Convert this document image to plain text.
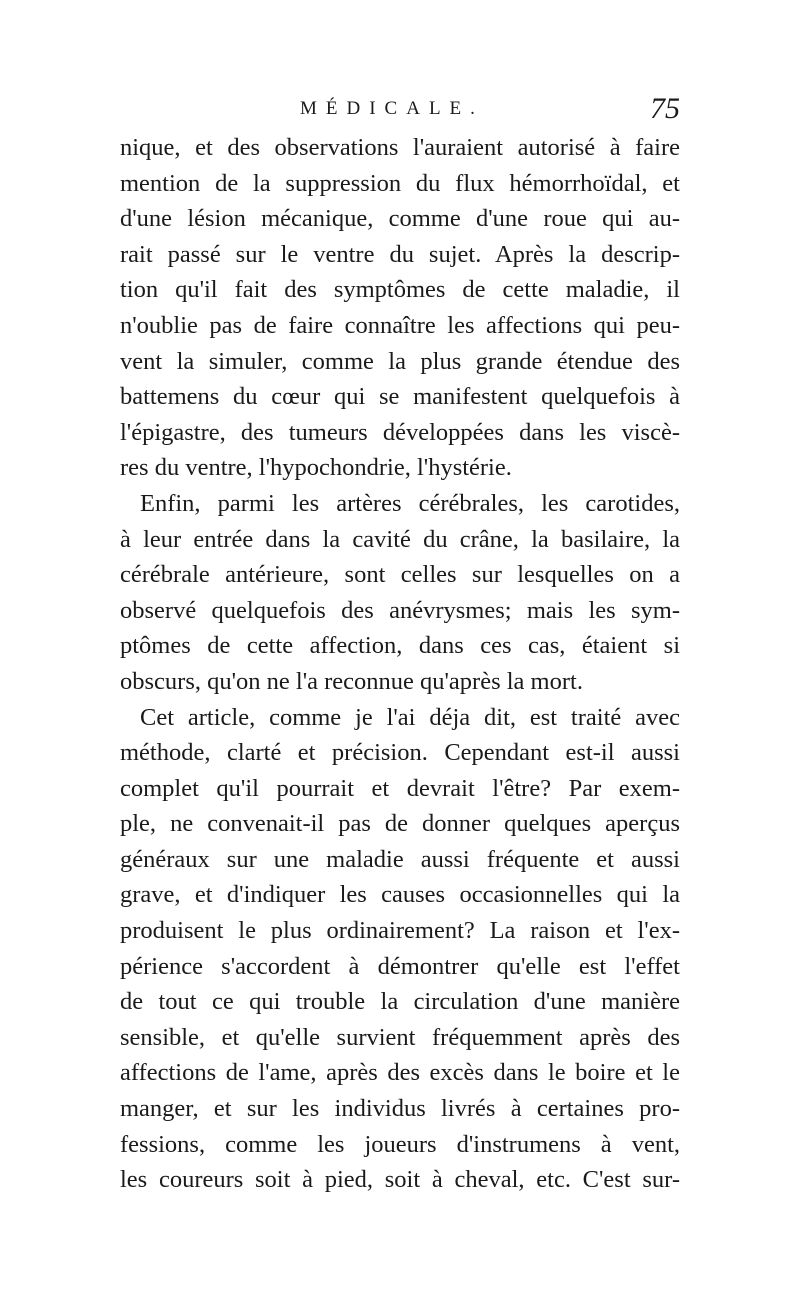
MÉDICALE.	75
nique, et des observations l'auraient autorisé à faire
mention de la suppression du flux hémorrhoïdal, et
d'une lésion mécanique, comme d'une roue qui au-
rait passé sur le ventre du sujet. Après la descrip-
tion qu'il fait des symptômes de cette maladie, il
n'oublie pas de faire connaître les affections qui peu-
vent la simuler, comme la plus grande étendue des
battemens du cœur qui se manifestent quelquefois à
l'épigastre, des tumeurs développées dans les viscè-
res du ventre, l'hypochondrie, l'hystérie.
Enfin, parmi les artères cérébrales, les carotides,
à leur entrée dans la cavité du crâne, la basilaire, la
cérébrale antérieure, sont celles sur lesquelles on a
observé quelquefois des anévrysmes; mais les sym-
ptômes de cette affection, dans ces cas, étaient si
obscurs, qu'on ne l'a reconnue qu'après la mort.
Cet article, comme je l'ai déja dit, est traité avec
méthode, clarté et précision. Cependant est-il aussi
complet qu'il pourrait et devrait l'être? Par exem-
ple, ne convenait-il pas de donner quelques aperçus
généraux sur une maladie aussi fréquente et aussi
grave, et d'indiquer les causes occasionnelles qui la
produisent le plus ordinairement? La raison et l'ex-
périence s'accordent à démontrer qu'elle est l'effet
de tout ce qui trouble la circulation d'une manière
sensible, et qu'elle survient fréquemment après des
affections de l'ame, après des excès dans le boire et le
manger, et sur les individus livrés à certaines pro-
fessions, comme les joueurs d'instrumens à vent,
les coureurs soit à pied, soit à cheval, etc. C'est sur-
